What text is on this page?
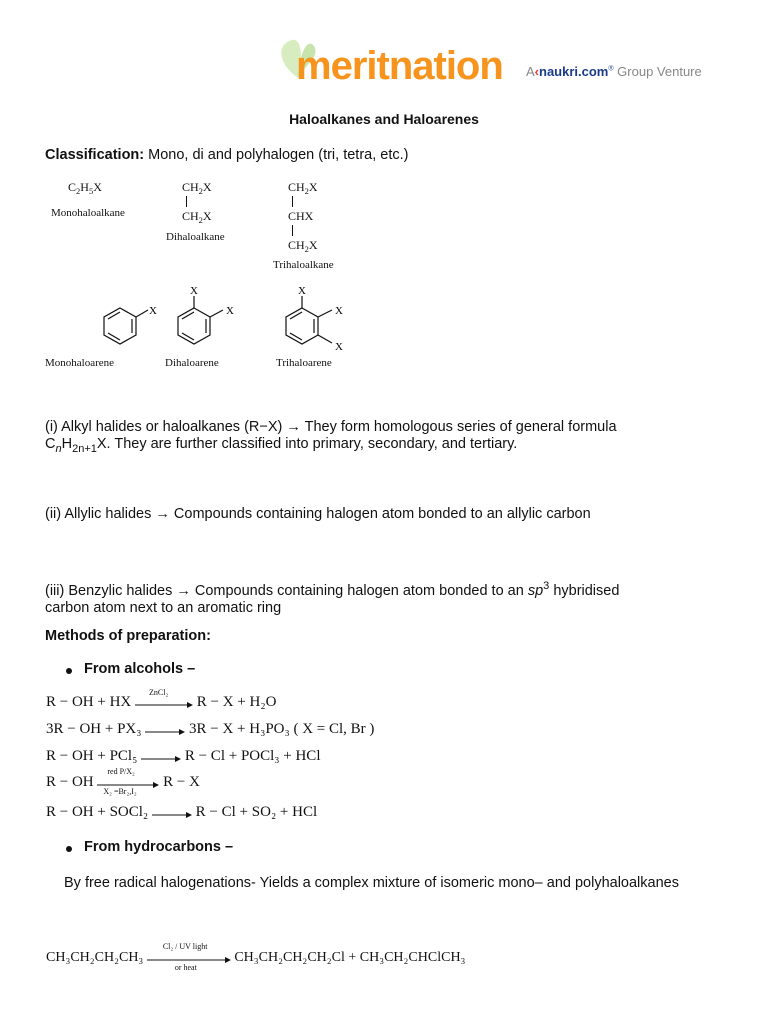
meritnation A‹naukri.com® Group Venture
Haloalkanes and Haloarenes
Classification: Mono, di and polyhalogen (tri, tetra, etc.)
$C_2H_5X$
Monohaloalkane
$CH_2X$
$CH_2X$
Dihaloalkane
$CH_2X$
CHX
$CH_2X$
Trihaloalkane
X
X
X
X
X
X
Monohaloarene	Dihaloarene	Trihaloarene
(i) Alkyl halides or haloalkanes (R−X) → They form homologous series of general formula
$C_nH_{2n+1}X$. They are further classified into primary, secondary, and tertiary.
(ii) Allylic halides → Compounds containing halogen atom bonded to an allylic carbon
(iii) Benzylic halides → Compounds containing halogen atom bonded to an $sp^3$ hybridised
carbon atom next to an aromatic ring
Methods of preparation:
From alcohols –
R − OH + HX
ZnCl₂
R − X + H₂O
3R − OH + PX₃	3R − X + H₃PO₃ ( X = Cl, Br )
R − OH + PCl₅	R − Cl + POCl₃ + HCl
R − OH
red P/X₂
X₂ =Br₂,I₂
R − X
R − OH + SOCl₂	R − Cl + SO₂ + HCl
From hydrocarbons –
By free radical halogenations- Yields a complex mixture of isomeric mono– and polyhaloalkanes
CH₃CH₂CH₂CH₃
Cl₂ / UV light
or heat
CH₃CH₂CH₂CH₂Cl + CH₃CH₂CHClCH₃
